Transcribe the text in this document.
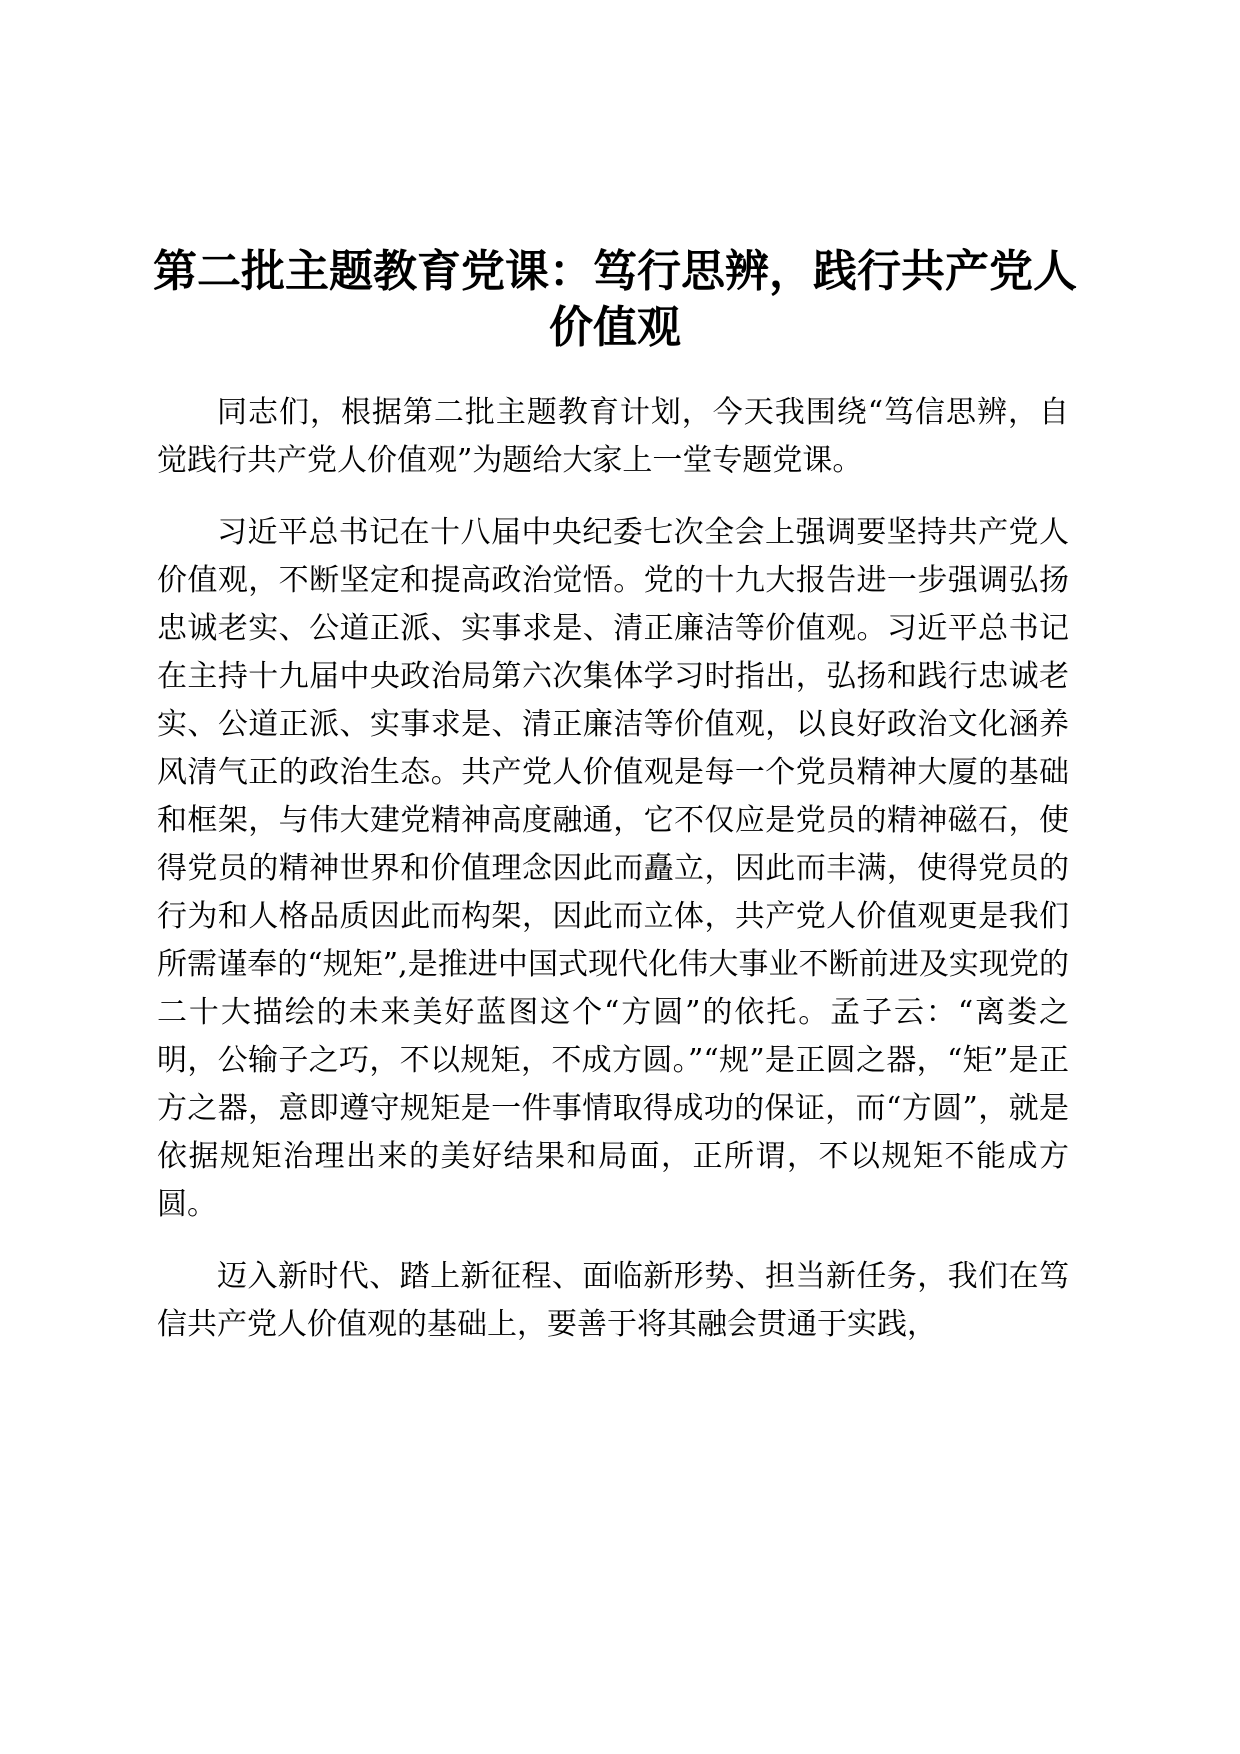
第二批主题教育党课：笃行思辨，践行共产党人价值观

同志们，根据第二批主题教育计划，今天我围绕“笃信思辨，自觉践行共产党人价值观”为题给大家上一堂专题党课。

习近平总书记在十八届中央纪委七次全会上强调要坚持共产党人价值观，不断坚定和提高政治觉悟。党的十九大报告进一步强调弘扬忠诚老实、公道正派、实事求是、清正廉洁等价值观。习近平总书记在主持十九届中央政治局第六次集体学习时指出，弘扬和践行忠诚老实、公道正派、实事求是、清正廉洁等价值观，以良好政治文化涵养风清气正的政治生态。共产党人价值观是每一个党员精神大厦的基础和框架，与伟大建党精神高度融通，它不仅应是党员的精神磁石，使得党员的精神世界和价值理念因此而矗立，因此而丰满，使得党员的行为和人格品质因此而构架，因此而立体，共产党人价值观更是我们所需谨奉的“规矩”,是推进中国式现代化伟大事业不断前进及实现党的二十大描绘的未来美好蓝图这个“方圆”的依托。孟子云：“离娄之明，公输子之巧，不以规矩，不成方圆。”“规”是正圆之器，“矩”是正方之器，意即遵守规矩是一件事情取得成功的保证，而“方圆”，就是依据规矩治理出来的美好结果和局面，正所谓，不以规矩不能成方圆。

迈入新时代、踏上新征程、面临新形势、担当新任务，我们在笃信共产党人价值观的基础上，要善于将其融会贯通于实践，
